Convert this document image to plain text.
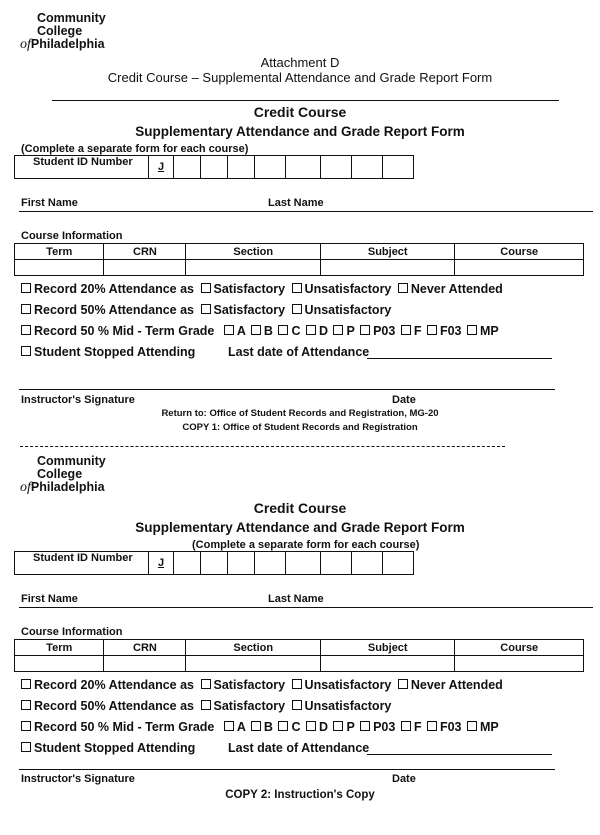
Community
College
ofPhiladelphia
Attachment D
Credit Course – Supplemental Attendance and Grade Report Form
Credit Course
Supplementary Attendance and Grade Report Form
(Complete a separate form for each course)
Student ID Number	J								
First Name	Last Name
Course Information
Term	CRN	Section	Subject	Course

Record 20% Attendance as Satisfactory Unsatisfactory Never Attended
Record 50% Attendance as Satisfactory Unsatisfactory
Record 50 % Mid - Term Grade A B C D P P03 F F03 MP
Student Stopped Attending	Last date of Attendance
Instructor's Signature	Date
Return to: Office of Student Records and Registration, MG-20
COPY 1: Office of Student Records and Registration
Community
College
ofPhiladelphia
Credit Course
Supplementary Attendance and Grade Report Form
(Complete a separate form for each course)
Student ID Number	J								
First Name	Last Name
Course Information
Term	CRN	Section	Subject	Course

Record 20% Attendance as Satisfactory Unsatisfactory Never Attended
Record 50% Attendance as Satisfactory Unsatisfactory
Record 50 % Mid - Term Grade A B C D P P03 F F03 MP
Student Stopped Attending	Last date of Attendance
Instructor's Signature	Date
COPY 2: Instruction's Copy
